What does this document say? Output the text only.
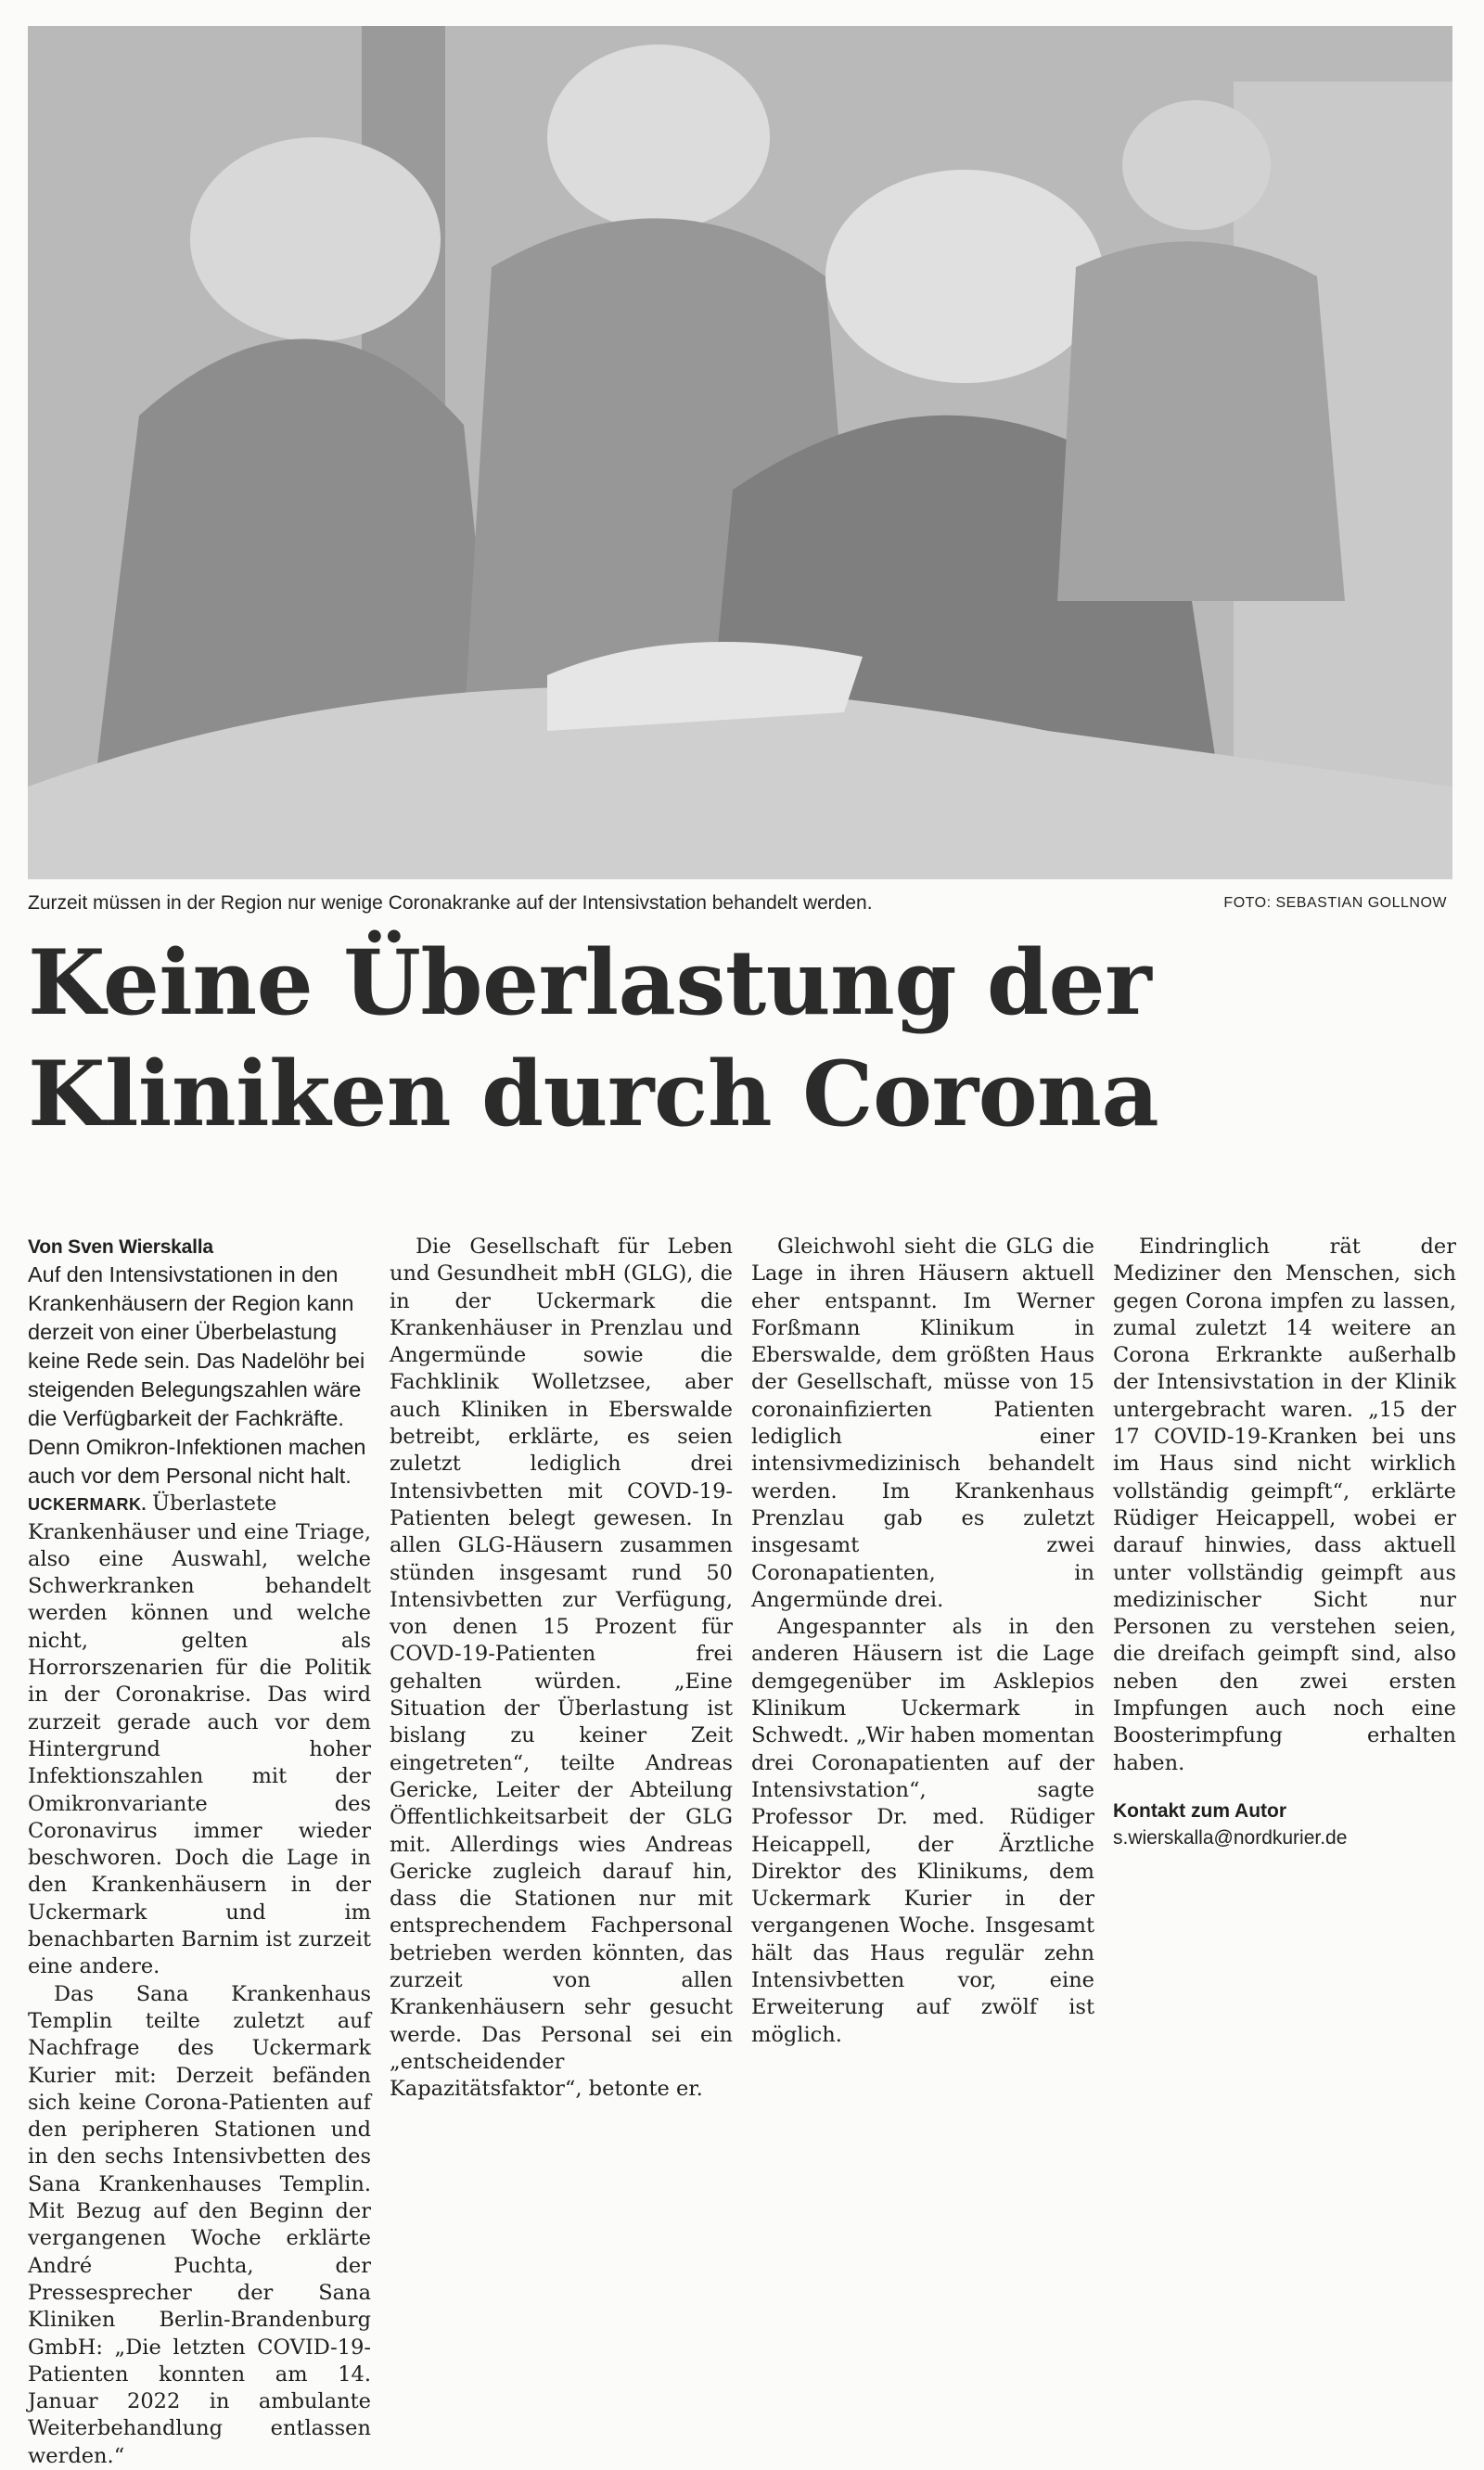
Zurzeit müssen in der Region nur wenige Coronakranke auf der Intensivstation behandelt werden.	FOTO: SEBASTIAN GOLLNOW
Keine Überlastung der
Kliniken durch Corona

Von Sven Wierskalla

Auf den Intensivstationen in den Krankenhäusern der Region kann derzeit von einer Überbelastung keine Rede sein. Das Nadelöhr bei steigenden Belegungszahlen wäre die Verfügbarkeit der Fachkräfte. Denn Omikron-Infektionen machen auch vor dem Personal nicht halt.

UCKERMARK. Überlastete Krankenhäuser und eine Triage, also eine Auswahl, welche Schwerkranken behandelt werden können und welche nicht, gelten als Horrorszenarien für die Politik in der Coronakrise. Das wird zurzeit gerade auch vor dem Hintergrund hoher Infektionszahlen mit der Omikronvariante des Coronavirus immer wieder beschworen. Doch die Lage in den Krankenhäusern in der Uckermark und im benachbarten Barnim ist zurzeit eine andere.

Das Sana Krankenhaus Templin teilte zuletzt auf Nachfrage des Uckermark Kurier mit: Derzeit befänden sich keine Corona-Patienten auf den peripheren Stationen und in den sechs Intensivbetten des Sana Krankenhauses Templin. Mit Bezug auf den Beginn der vergangenen Woche erklärte André Puchta, der Pressesprecher der Sana Kliniken Berlin-Brandenburg GmbH: „Die letzten COVID-19-Patienten konnten am 14. Januar 2022 in ambulante Weiterbehandlung entlassen werden.“

Die Gesellschaft für Leben und Gesundheit mbH (GLG), die in der Uckermark die Krankenhäuser in Prenzlau und Angermünde sowie die Fachklinik Wolletzsee, aber auch Kliniken in Eberswalde betreibt, erklärte, es seien zuletzt lediglich drei Intensivbetten mit COVD-19-Patienten belegt gewesen. In allen GLG-Häusern zusammen stünden insgesamt rund 50 Intensivbetten zur Verfügung, von denen 15 Prozent für COVD-19-Patienten frei gehalten würden. „Eine Situation der Überlastung ist bislang zu keiner Zeit eingetreten“, teilte Andreas Gericke, Leiter der Abteilung Öffentlichkeitsarbeit der GLG mit. Allerdings wies Andreas Gericke zugleich darauf hin, dass die Stationen nur mit entsprechendem Fachpersonal betrieben werden könnten, das zurzeit von allen Krankenhäusern sehr gesucht werde. Das Personal sei ein „entscheidender Kapazitätsfaktor“, betonte er.

Gleichwohl sieht die GLG die Lage in ihren Häusern aktuell eher entspannt. Im Werner Forßmann Klinikum in Eberswalde, dem größten Haus der Gesellschaft, müsse von 15 coronainfizierten Patienten lediglich einer intensivmedizinisch behandelt werden. Im Krankenhaus Prenzlau gab es zuletzt insgesamt zwei Coronapatienten, in Angermünde drei.

Angespannter als in den anderen Häusern ist die Lage demgegenüber im Asklepios Klinikum Uckermark in Schwedt. „Wir haben momentan drei Coronapatienten auf der Intensivstation“, sagte Professor Dr. med. Rüdiger Heicappell, der Ärztliche Direktor des Klinikums, dem Uckermark Kurier in der vergangenen Woche. Insgesamt hält das Haus regulär zehn Intensivbetten vor, eine Erweiterung auf zwölf ist möglich.

Eindringlich rät der Mediziner den Menschen, sich gegen Corona impfen zu lassen, zumal zuletzt 14 weitere an Corona Erkrankte außerhalb der Intensivstation in der Klinik untergebracht waren. „15 der 17 COVID-19-Kranken bei uns im Haus sind nicht wirklich vollständig geimpft“, erklärte Rüdiger Heicappell, wobei er darauf hinwies, dass aktuell unter vollständig geimpft aus medizinischer Sicht nur Personen zu verstehen seien, die dreifach geimpft sind, also neben den zwei ersten Impfungen auch noch eine Boosterimpfung erhalten haben.

Kontakt zum Autor
s.wierskalla@nordkurier.de
